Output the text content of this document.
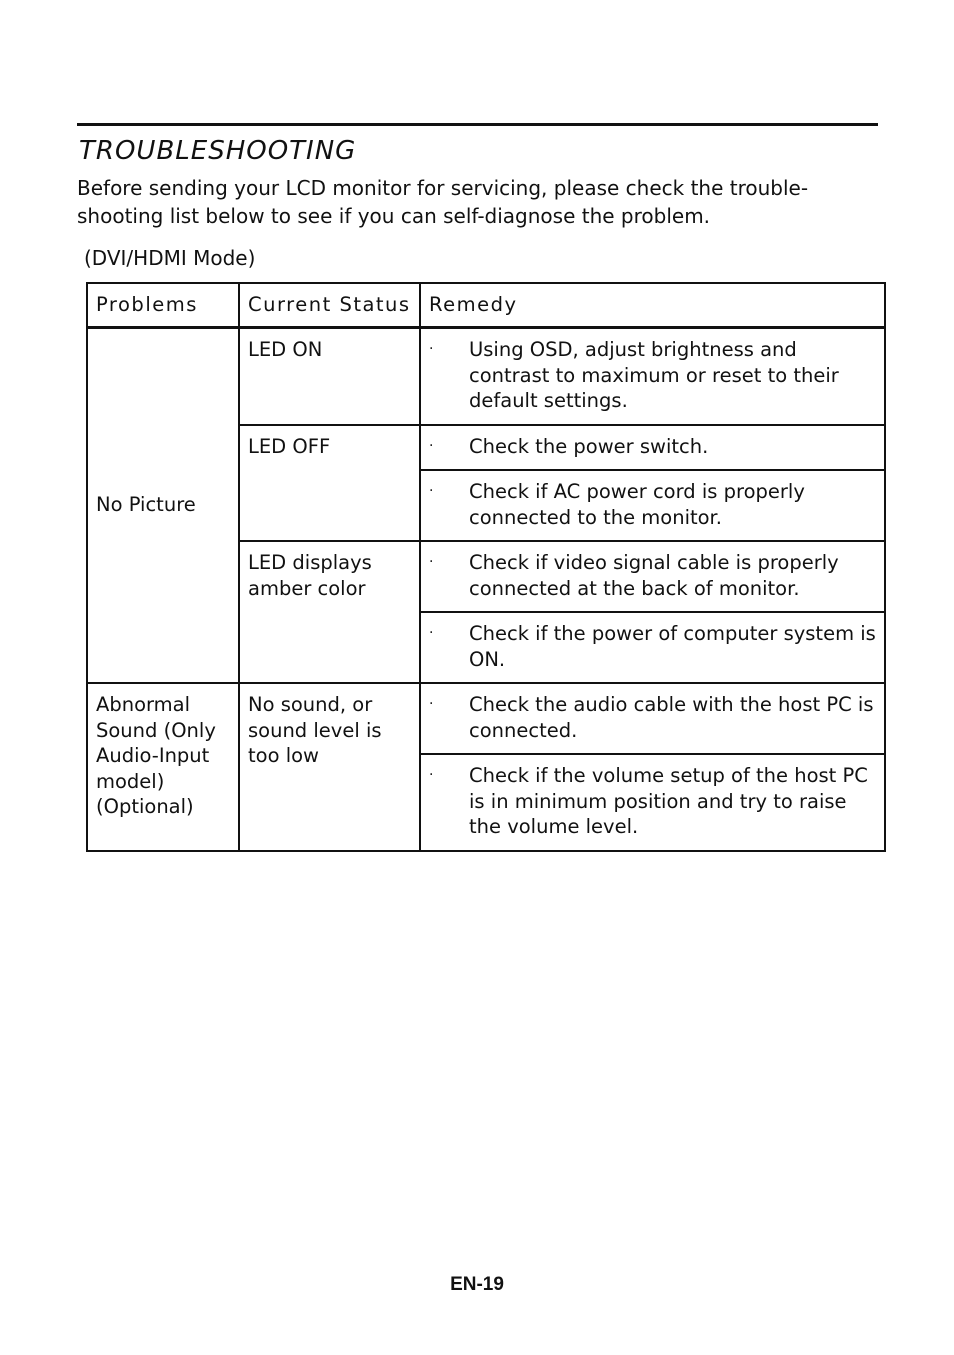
TROUBLESHOOTING
Before sending your LCD monitor for servicing, please check the trouble-shooting list below to see if you can self-diagnose the problem.
(DVI/HDMI Mode)
Problems	Current Status	Remedy
No Picture	LED ON	· Using OSD, adjust brightness and contrast to maximum or reset to their default settings.

	LED OFF	· Check the power switch.

		· Check if AC power cord is properly connected to the monitor.

	LED displays amber color	· Check if video signal cable is properly connected at the back of monitor.

		· Check if the power of computer system is ON.

Abnormal Sound (Only Audio-Input model) (Optional)	No sound, or sound level is too low	· Check the audio cable with the host PC is connected.

		· Check if the volume setup of the host PC is in minimum position and try to raise the volume level.
EN-19
